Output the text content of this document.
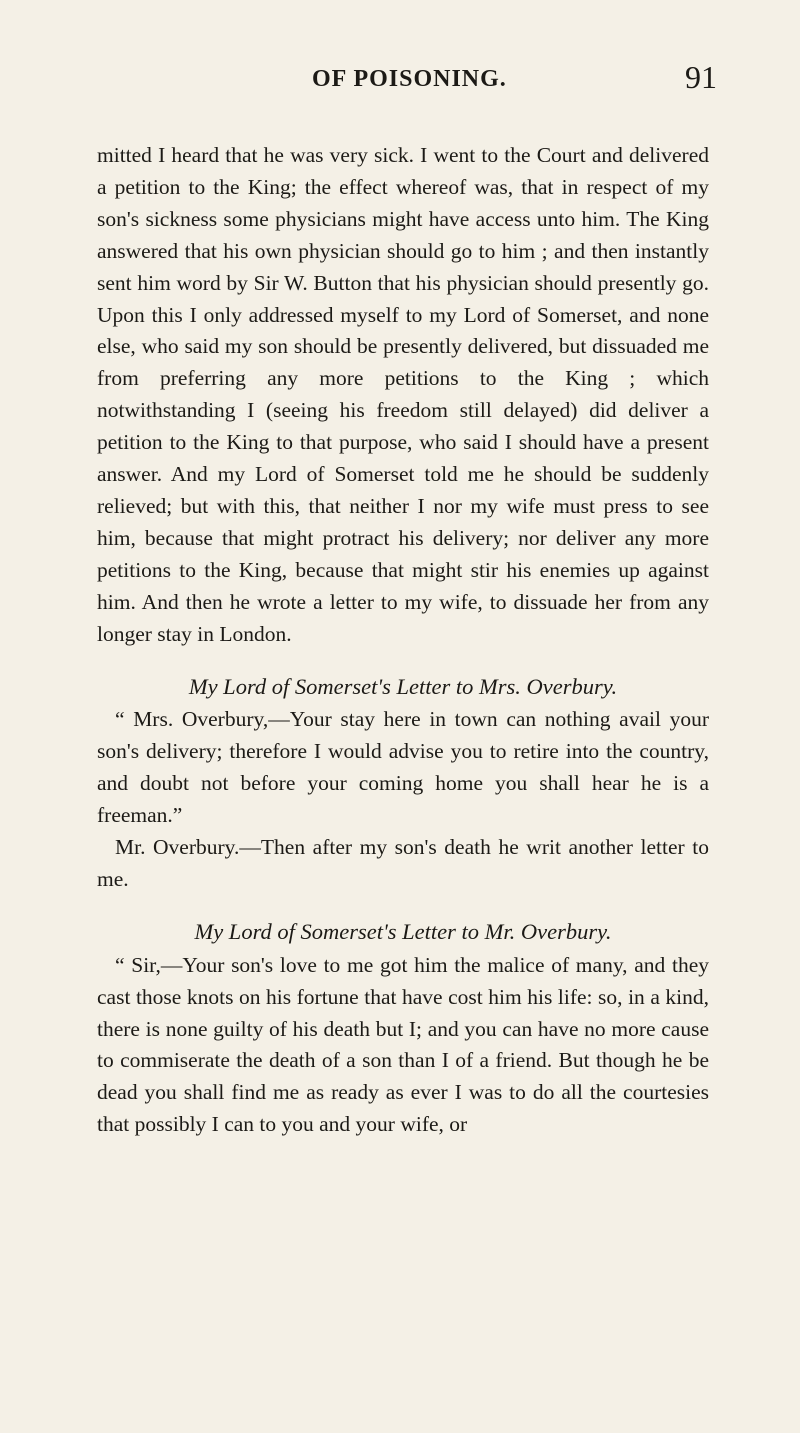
OF POISONING.	91

mitted I heard that he was very sick. I went to the Court and delivered a petition to the King; the effect whereof was, that in respect of my son's sickness some physicians might have access unto him. The King answered that his own physician should go to him ; and then instantly sent him word by Sir W. Button that his physician should presently go. Upon this I only addressed myself to my Lord of Somerset, and none else, who said my son should be presently delivered, but dissuaded me from preferring any more petitions to the King ; which notwithstanding I (seeing his freedom still delayed) did deliver a petition to the King to that purpose, who said I should have a present answer. And my Lord of Somerset told me he should be suddenly relieved; but with this, that neither I nor my wife must press to see him, because that might protract his delivery; nor deliver any more petitions to the King, because that might stir his enemies up against him. And then he wrote a letter to my wife, to dissuade her from any longer stay in London.

My Lord of Somerset's Letter to Mrs. Overbury.

“ Mrs. Overbury,—Your stay here in town can nothing avail your son's delivery; therefore I would advise you to retire into the country, and doubt not before your coming home you shall hear he is a freeman.”

Mr. Overbury.—Then after my son's death he writ another letter to me.

My Lord of Somerset's Letter to Mr. Overbury.

“ Sir,—Your son's love to me got him the malice of many, and they cast those knots on his fortune that have cost him his life: so, in a kind, there is none guilty of his death but I; and you can have no more cause to commiserate the death of a son than I of a friend. But though he be dead you shall find me as ready as ever I was to do all the courtesies that possibly I can to you and your wife, or
